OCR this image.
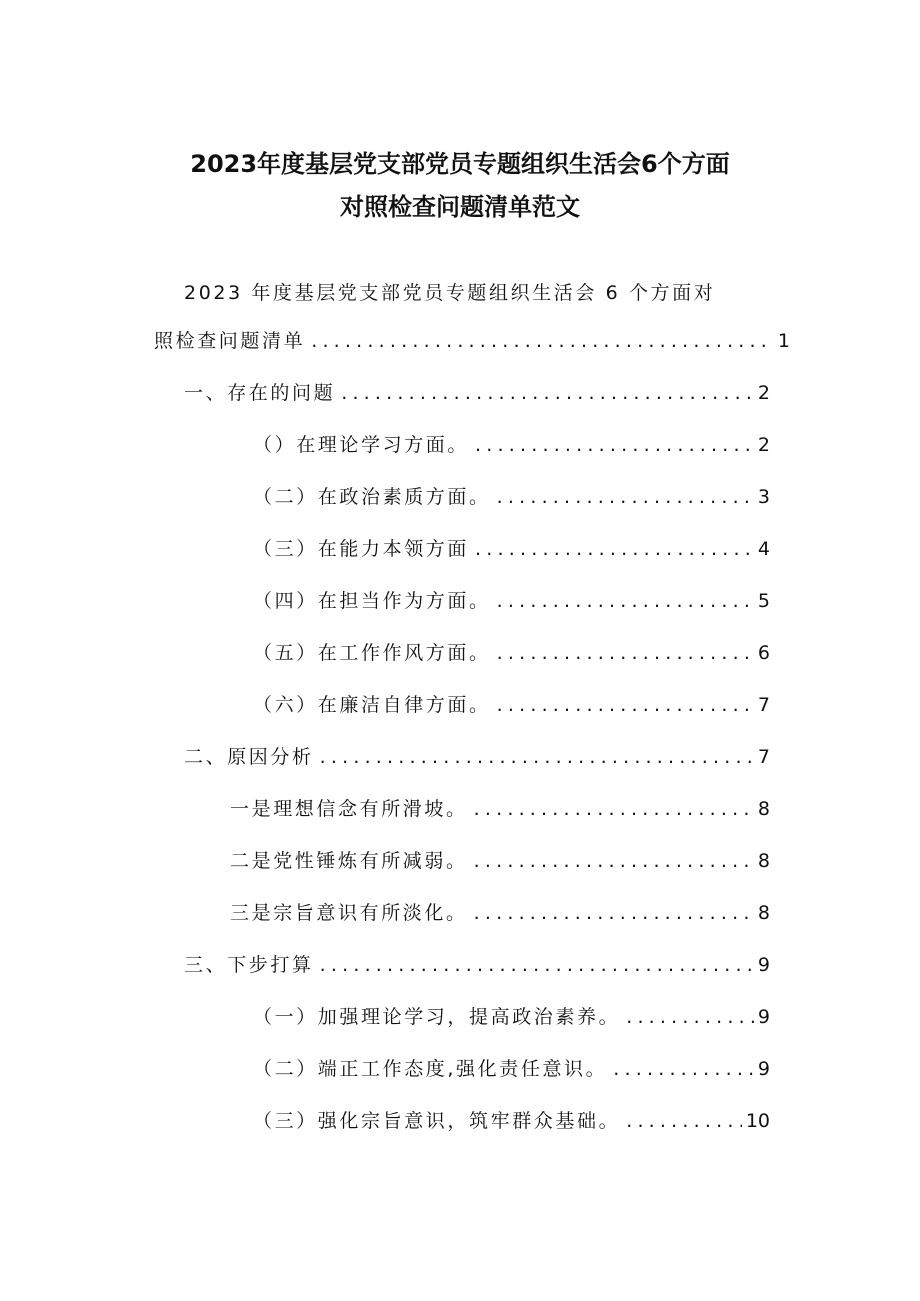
2023年度基层党支部党员专题组织生活会6个方面
对照检查问题清单范文
2023 年度基层党支部党员专题组织生活会 6 个方面对
照检查问题清单 .....	1
一、存在的问题 .....	2
（）在理论学习方面。 .....	2
（二）在政治素质方面。 .....	3
（三）在能力本领方面 .....	4
（四）在担当作为方面。 .....	5
（五）在工作作风方面。 .....	6
（六）在廉洁自律方面。 .....	7
二、原因分析 .....	7
一是理想信念有所滑坡。 .....	8
二是党性锤炼有所减弱。 .....	8
三是宗旨意识有所淡化。 .....	8
三、下步打算 .....	9
（一）加强理论学习，提高政治素养。 .....	9
（二）端正工作态度,强化责任意识。 .....	9
（三）强化宗旨意识，筑牢群众基础。 .....	10
